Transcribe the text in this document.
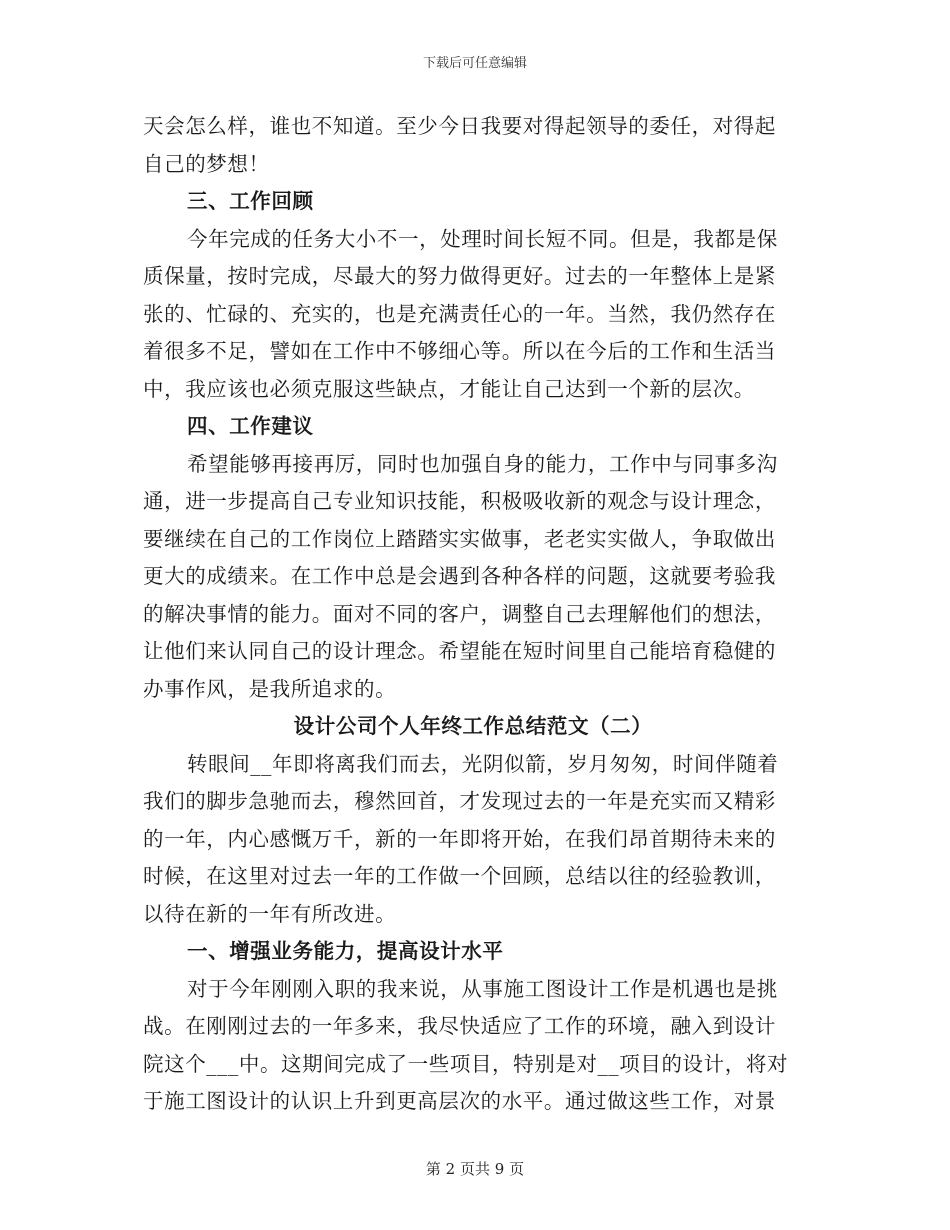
下载后可任意编辑
天会怎么样，谁也不知道。至少今日我要对得起领导的委任，对得起
自己的梦想！
三、工作回顾
今年完成的任务大小不一，处理时间长短不同。但是，我都是保
质保量，按时完成，尽最大的努力做得更好。过去的一年整体上是紧
张的、忙碌的、充实的，也是充满责任心的一年。当然，我仍然存在
着很多不足，譬如在工作中不够细心等。所以在今后的工作和生活当
中，我应该也必须克服这些缺点，才能让自己达到一个新的层次。
四、工作建议
希望能够再接再厉，同时也加强自身的能力，工作中与同事多沟
通，进一步提高自己专业知识技能，积极吸收新的观念与设计理念，
要继续在自己的工作岗位上踏踏实实做事，老老实实做人，争取做出
更大的成绩来。在工作中总是会遇到各种各样的问题，这就要考验我
的解决事情的能力。面对不同的客户，调整自己去理解他们的想法，
让他们来认同自己的设计理念。希望能在短时间里自己能培育稳健的
办事作风，是我所追求的。
设计公司个人年终工作总结范文（二）
转眼间__年即将离我们而去，光阴似箭，岁月匆匆，时间伴随着
我们的脚步急驰而去，穆然回首，才发现过去的一年是充实而又精彩
的一年，内心感慨万千，新的一年即将开始，在我们昂首期待未来的
时候，在这里对过去一年的工作做一个回顾，总结以往的经验教训，
以待在新的一年有所改进。
一、增强业务能力，提高设计水平
对于今年刚刚入职的我来说，从事施工图设计工作是机遇也是挑
战。在刚刚过去的一年多来，我尽快适应了工作的环境，融入到设计
院这个___中。这期间完成了一些项目，特别是对__项目的设计，将对
于施工图设计的认识上升到更高层次的水平。通过做这些工作，对景
第 2 页共 9 页
